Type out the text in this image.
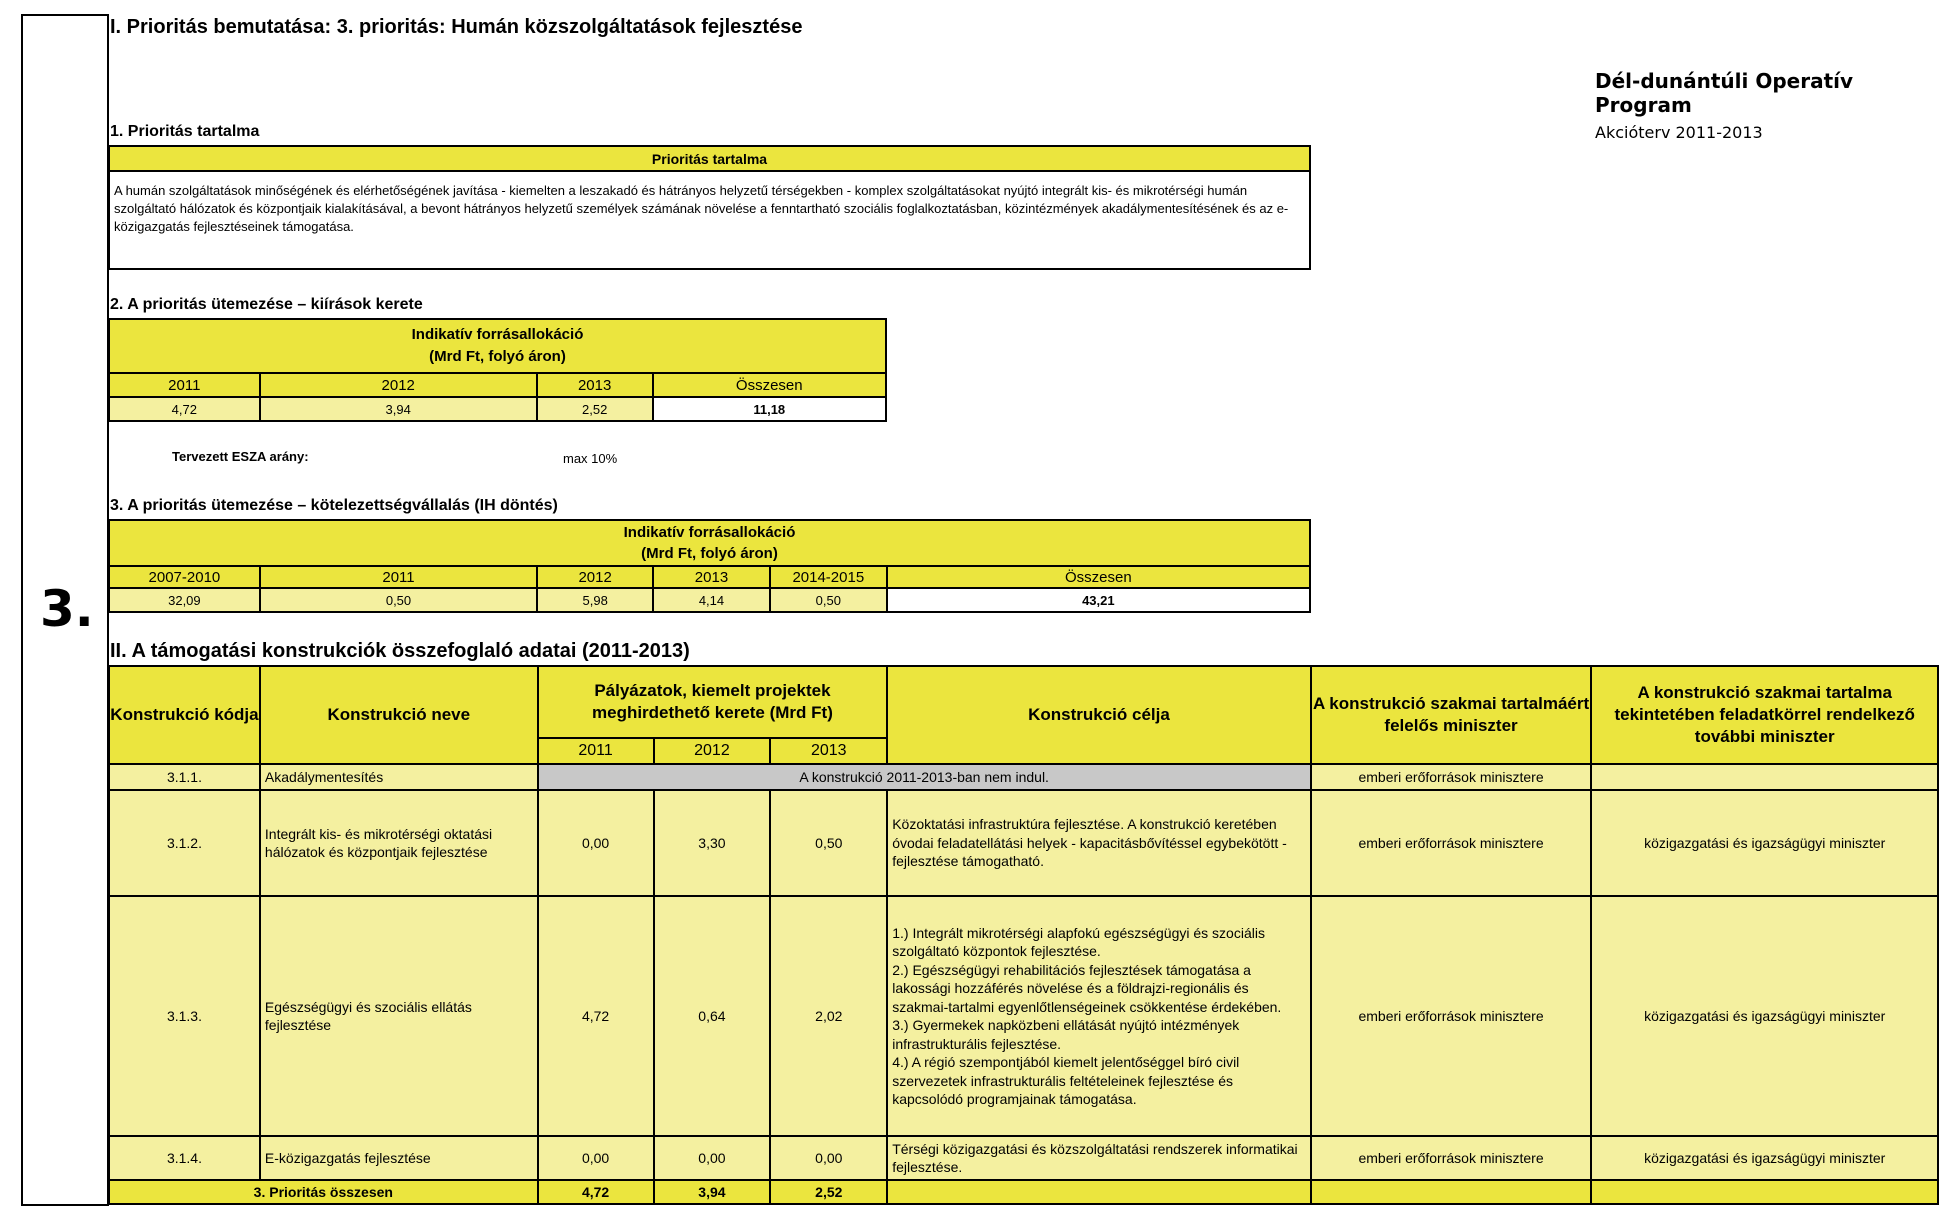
3.
I. Prioritás bemutatása: 3. prioritás: Humán közszolgáltatások fejlesztése
Dél-dunántúli Operatív Program
Akcióterv 2011-2013
1. Prioritás tartalma
Prioritás tartalma
A humán szolgáltatások minőségének és elérhetőségének javítása - kiemelten a leszakadó és hátrányos helyzetű térségekben - komplex szolgáltatásokat nyújtó integrált kis- és mikrotérségi humán szolgáltató hálózatok és központjaik kialakításával, a bevont hátrányos helyzetű személyek számának növelése a fenntartható szociális foglalkoztatásban, közintézmények akadálymentesítésének és az e-közigazgatás fejlesztéseinek támogatása.
2. A prioritás ütemezése – kiírások kerete
Indikatív forrásallokáció
(Mrd Ft, folyó áron)			

2011	2012	2013	Összesen
4,72	3,94	2,52	11,18
Tervezett ESZA arány:	max 10%
3. A prioritás ütemezése – kötelezettségvállalás (IH döntés)
Indikatív forrásallokáció
(Mrd Ft, folyó áron)					

2007-2010	2011	2012	2013	2014-2015	Összesen
32,09	0,50	5,98	4,14	0,50	43,21
II. A támogatási konstrukciók összefoglaló adatai (2011-2013)
Konstrukció kódja	Konstrukció neve	Pályázatok, kiemelt projektek meghirdethető kerete (Mrd Ft)			Konstrukció célja	A konstrukció szakmai tartalmáért felelős miniszter	A konstrukció szakmai tartalma tekintetében feladatkörrel rendelkező további miniszter
		2011	2012	2013			
3.1.1.	Akadálymentesítés	A konstrukció 2011-2013-ban nem indul.				emberi erőforrások minisztere	
3.1.2.	Integrált kis- és mikrotérségi oktatási hálózatok és központjaik fejlesztése	0,00	3,30	0,50	Közoktatási infrastruktúra fejlesztése. A konstrukció keretében óvodai feladatellátási helyek - kapacitásbővítéssel egybekötött - fejlesztése támogatható.	emberi erőforrások minisztere	közigazgatási és igazságügyi miniszter
3.1.3.	Egészségügyi és szociális ellátás fejlesztése	4,72	0,64	2,02	1.) Integrált mikrotérségi alapfokú egészségügyi és szociális szolgáltató központok fejlesztése.
2.) Egészségügyi rehabilitációs fejlesztések támogatása a lakossági hozzáférés növelése és a földrajzi-regionális és szakmai-tartalmi egyenlőtlenségeinek csökkentése érdekében.
3.) Gyermekek napközbeni ellátását nyújtó intézmények infrastrukturális fejlesztése.
4.) A régió szempontjából kiemelt jelentőséggel bíró civil szervezetek infrastrukturális feltételeinek fejlesztése és kapcsolódó programjainak támogatása.	emberi erőforrások minisztere	közigazgatási és igazságügyi miniszter
3.1.4.	E-közigazgatás fejlesztése	0,00	0,00	0,00	Térségi közigazgatási és közszolgáltatási rendszerek informatikai fejlesztése.	emberi erőforrások minisztere	közigazgatási és igazságügyi miniszter
3. Prioritás összesen		4,72	3,94	2,52			
